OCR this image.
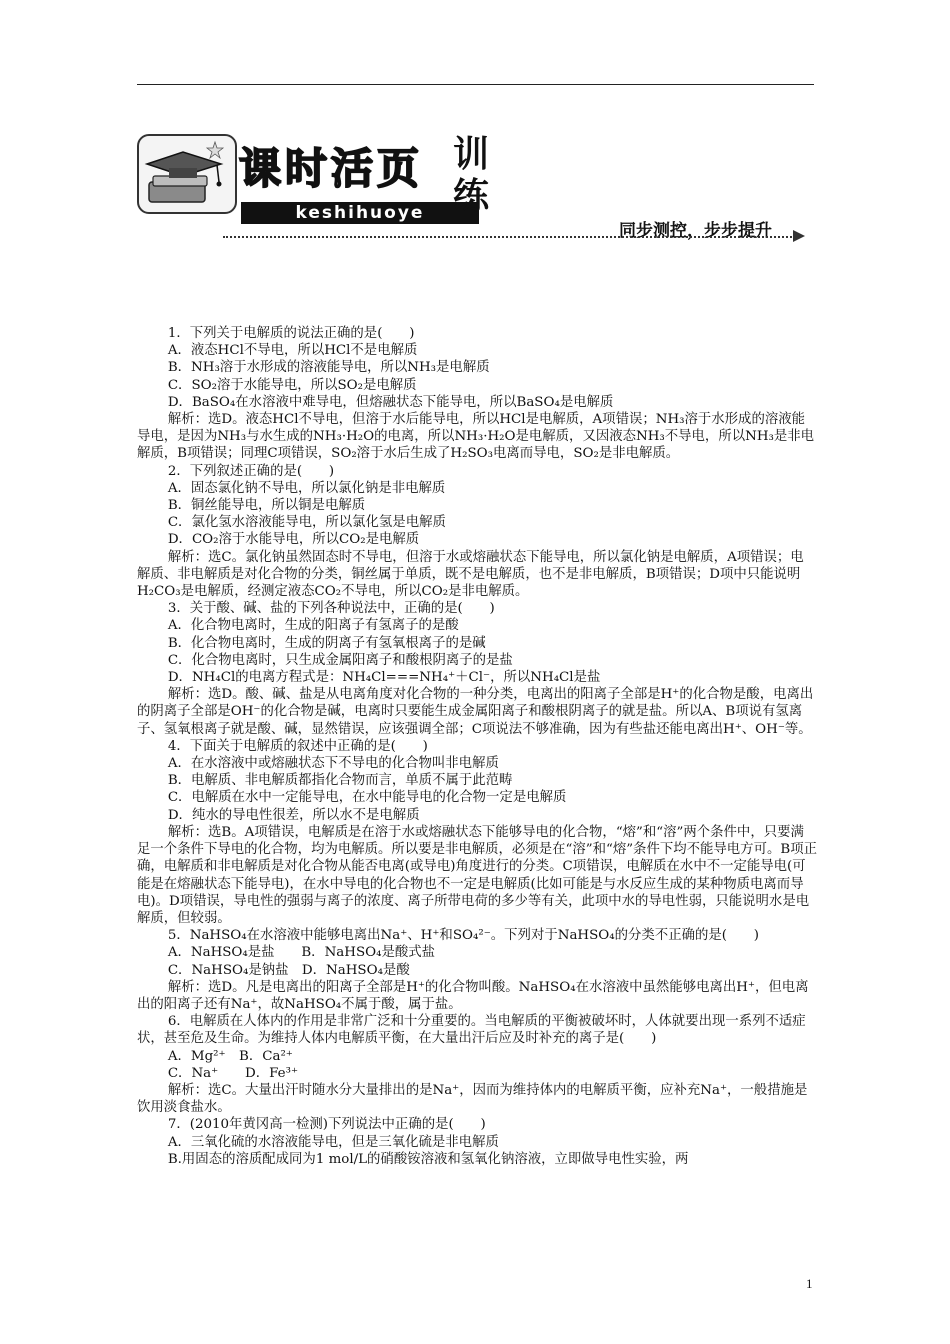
课时活页
keshihuoye
训练
同步测控，步步提升

1．下列关于电解质的说法正确的是(　　)

A．液态HCl不导电，所以HCl不是电解质

B．NH₃溶于水形成的溶液能导电，所以NH₃是电解质

C．SO₂溶于水能导电，所以SO₂是电解质

D．BaSO₄在水溶液中难导电，但熔融状态下能导电，所以BaSO₄是电解质

解析：选D。液态HCl不导电，但溶于水后能导电，所以HCl是电解质，A项错误；NH₃溶于水形成的溶液能导电，是因为NH₃与水生成的NH₃·H₂O的电离，所以NH₃·H₂O是电解质，又因液态NH₃不导电，所以NH₃是非电解质，B项错误；同理C项错误，SO₂溶于水后生成了H₂SO₃电离而导电，SO₂是非电解质。

2．下列叙述正确的是(　　)

A．固态氯化钠不导电，所以氯化钠是非电解质

B．铜丝能导电，所以铜是电解质

C．氯化氢水溶液能导电，所以氯化氢是电解质

D．CO₂溶于水能导电，所以CO₂是电解质

解析：选C。氯化钠虽然固态时不导电，但溶于水或熔融状态下能导电，所以氯化钠是电解质，A项错误；电解质、非电解质是对化合物的分类，铜丝属于单质，既不是电解质，也不是非电解质，B项错误；D项中只能说明H₂CO₃是电解质，经测定液态CO₂不导电，所以CO₂是非电解质。

3．关于酸、碱、盐的下列各种说法中，正确的是(　　)

A．化合物电离时，生成的阳离子有氢离子的是酸

B．化合物电离时，生成的阴离子有氢氧根离子的是碱

C．化合物电离时，只生成金属阳离子和酸根阴离子的是盐

D．NH₄Cl的电离方程式是：NH₄Cl===NH₄⁺＋Cl⁻，所以NH₄Cl是盐

解析：选D。酸、碱、盐是从电离角度对化合物的一种分类，电离出的阳离子全部是H⁺的化合物是酸，电离出的阴离子全部是OH⁻的化合物是碱，电离时只要能生成金属阳离子和酸根阴离子的就是盐。所以A、B项说有氢离子、氢氧根离子就是酸、碱，显然错误，应该强调全部；C项说法不够准确，因为有些盐还能电离出H⁺、OH⁻等。

4．下面关于电解质的叙述中正确的是(　　)

A．在水溶液中或熔融状态下不导电的化合物叫非电解质

B．电解质、非电解质都指化合物而言，单质不属于此范畴

C．电解质在水中一定能导电，在水中能导电的化合物一定是电解质

D．纯水的导电性很差，所以水不是电解质

解析：选B。A项错误，电解质是在溶于水或熔融状态下能够导电的化合物，“熔”和“溶”两个条件中，只要满足一个条件下导电的化合物，均为电解质。所以要是非电解质，必须是在“溶”和“熔”条件下均不能导电方可。B项正确，电解质和非电解质是对化合物从能否电离(或导电)角度进行的分类。C项错误，电解质在水中不一定能导电(可能是在熔融状态下能导电)，在水中导电的化合物也不一定是电解质(比如可能是与水反应生成的某种物质电离而导电)。D项错误，导电性的强弱与离子的浓度、离子所带电荷的多少等有关，此项中水的导电性弱，只能说明水是电解质，但较弱。

5．NaHSO₄在水溶液中能够电离出Na⁺、H⁺和SO₄²⁻。下列对于NaHSO₄的分类不正确的是(　　)

A．NaHSO₄是盐　　B．NaHSO₄是酸式盐

C．NaHSO₄是钠盐　D．NaHSO₄是酸

解析：选D。凡是电离出的阳离子全部是H⁺的化合物叫酸。NaHSO₄在水溶液中虽然能够电离出H⁺，但电离出的阳离子还有Na⁺，故NaHSO₄不属于酸，属于盐。

6．电解质在人体内的作用是非常广泛和十分重要的。当电解质的平衡被破坏时，人体就要出现一系列不适症状，甚至危及生命。为维持人体内电解质平衡，在大量出汗后应及时补充的离子是(　　)

A．Mg²⁺　B．Ca²⁺

C．Na⁺　　D．Fe³⁺

解析：选C。大量出汗时随水分大量排出的是Na⁺，因而为维持体内的电解质平衡，应补充Na⁺，一般措施是饮用淡食盐水。

7．(2010年黄冈高一检测)下列说法中正确的是(　　)

A．三氧化硫的水溶液能导电，但是三氧化硫是非电解质

B.用固态的溶质配成同为1 mol/L的硝酸铵溶液和氢氧化钠溶液，立即做导电性实验，两

1
